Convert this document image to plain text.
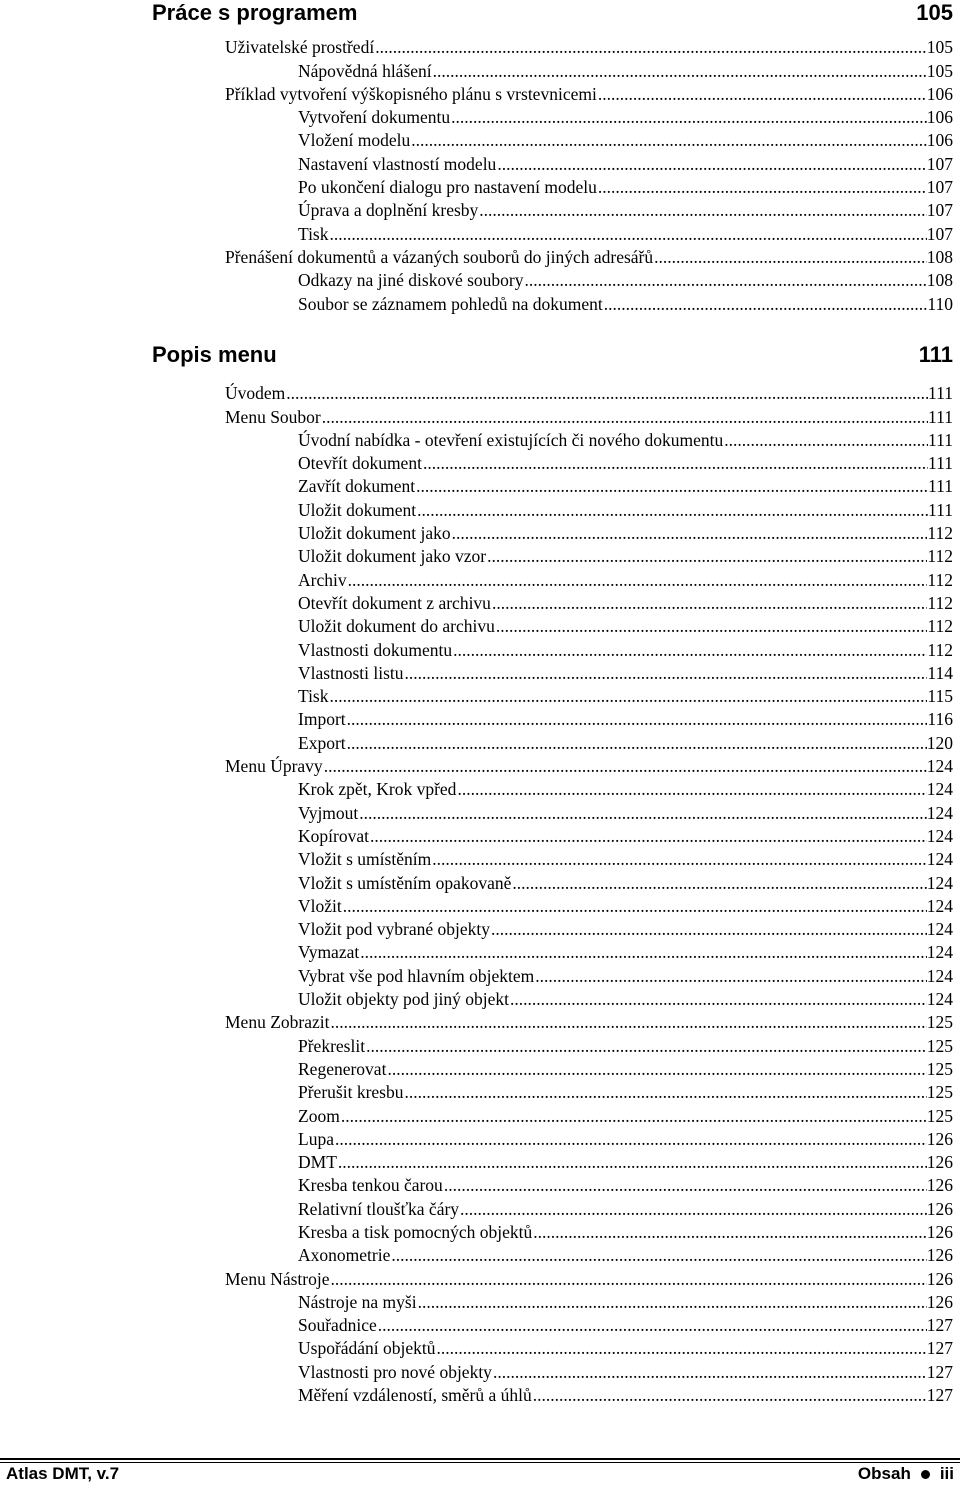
Práce s programem	105
Uživatelské prostředí .....	105
Nápovědná hlášení .....	105
Příklad vytvoření výškopisného plánu s vrstevnicemi .....	106
Vytvoření dokumentu .....	106
Vložení modelu .....	106
Nastavení vlastností modelu .....	107
Po ukončení dialogu pro nastavení modelu .....	107
Úprava a doplnění kresby .....	107
Tisk .....	107
Přenášení dokumentů a vázaných souborů do jiných adresářů .....	108
Odkazy na jiné diskové soubory .....	108
Soubor se záznamem pohledů na dokument .....	110
Popis menu	111
Úvodem .....	111
Menu Soubor .....	111
Úvodní nabídka - otevření existujících či nového dokumentu .....	111
Otevřít dokument .....	111
Zavřít dokument .....	111
Uložit dokument .....	111
Uložit dokument jako .....	112
Uložit dokument jako vzor .....	112
Archiv .....	112
Otevřít dokument z archivu .....	112
Uložit dokument do archivu .....	112
Vlastnosti dokumentu .....	112
Vlastnosti listu .....	114
Tisk .....	115
Import .....	116
Export .....	120
Menu Úpravy .....	124
Krok zpět, Krok vpřed .....	124
Vyjmout .....	124
Kopírovat .....	124
Vložit s umístěním .....	124
Vložit s umístěním opakovaně .....	124
Vložit .....	124
Vložit pod vybrané objekty .....	124
Vymazat .....	124
Vybrat vše pod hlavním objektem .....	124
Uložit objekty pod jiný objekt .....	124
Menu Zobrazit .....	125
Překreslit .....	125
Regenerovat .....	125
Přerušit kresbu .....	125
Zoom .....	125
Lupa .....	126
DMT .....	126
Kresba tenkou čarou .....	126
Relativní tloušťka čáry .....	126
Kresba a tisk pomocných objektů .....	126
Axonometrie .....	126
Menu Nástroje .....	126
Nástroje na myši .....	126
Souřadnice .....	127
Uspořádání objektů .....	127
Vlastnosti pro nové objekty .....	127
Měření vzdáleností, směrů a úhlů .....	127
Atlas DMT, v.7	Obsah iii
